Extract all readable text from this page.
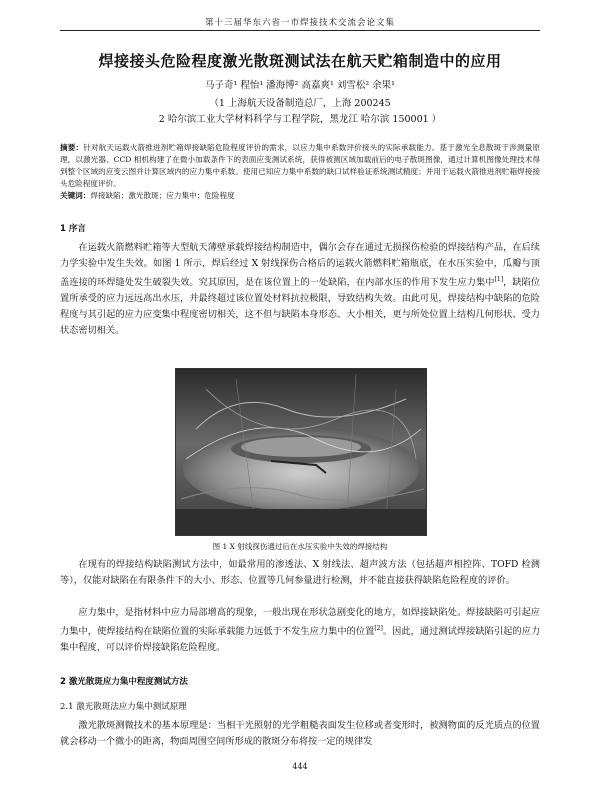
第十三届华东六省一市焊接技术交流会论文集
焊接接头危险程度激光散斑测试法在航天贮箱制造中的应用
马子奇¹ 程怡¹ 潘海博² 高嘉爽¹ 刘雪松² 余果¹
（1 上海航天设备制造总厂，上海 200245
2 哈尔滨工业大学材料科学与工程学院，黑龙江 哈尔滨 150001 ）
摘要：针对航天运载火箭推进剂贮箱焊接缺陷危险程度评价的需求，以应力集中系数评价接头的实际承载能力。基于激光全息散斑干涉测量原理，以激光器、CCD 相机构建了在微小加载条件下的表面应变测试系统，获得被测区域加载前后的电子散斑图像，通过计算机图像处理技术得到整个区域的应变云图并计算区域内的应力集中系数。使用已知应力集中系数的缺口试样验证系统测试精度；并用于运载火箭推进剂贮箱焊接接头危险程度评价。
关键词：焊接缺陷；激光散斑；应力集中；危险程度
1 序言
在运载火箭燃料贮箱等大型航天薄壁承载焊接结构制造中，偶尔会存在通过无损探伤检验的焊接结构产品，在后续力学实验中发生失效。如图 1 所示，焊后经过 X 射线探伤合格后的运载火箭燃料贮箱瓶底，在水压实验中，瓜瓣与顶盖连接的环焊缝处发生破裂失效。究其原因，是在该位置上的一处缺陷，在内部水压的作用下发生应力集中[1]，缺陷位置所承受的应力远远高出水压，并最终超过该位置处材料抗拉极限，导致结构失效。由此可见，焊接结构中缺陷的危险程度与其引起的应力应变集中程度密切相关，这不但与缺陷本身形态、大小相关，更与所处位置上结构几何形状、受力状态密切相关。
图 1 X 射线探伤通过后在水压实验中失效的焊接结构
在现有的焊接结构缺陷测试方法中，如最常用的渗透法、X 射线法、超声波方法（包括超声相控阵、TOFD 检测等），仅能对缺陷在有限条件下的大小、形态、位置等几何参量进行检测，并不能直接获得缺陷危险程度的评价。
应力集中，是指材料中应力局部增高的现象，一般出现在形状急剧变化的地方，如焊接缺陷处。焊接缺陷可引起应力集中，使焊接结构在缺陷位置的实际承载能力远低于不发生应力集中的位置[2]。因此，通过测试焊接缺陷引起的应力集中程度，可以评价焊接缺陷危险程度。
2 激光散斑应力集中程度测试方法
2.1 激光散斑法应力集中测试原理
激光散斑测微技术的基本原理是：当相干光照射的光学粗糙表面发生位移或者变形时，被测物面的反光质点的位置就会移动一个微小的距离，物面周围空间所形成的散斑分布将按一定的规律发
444
